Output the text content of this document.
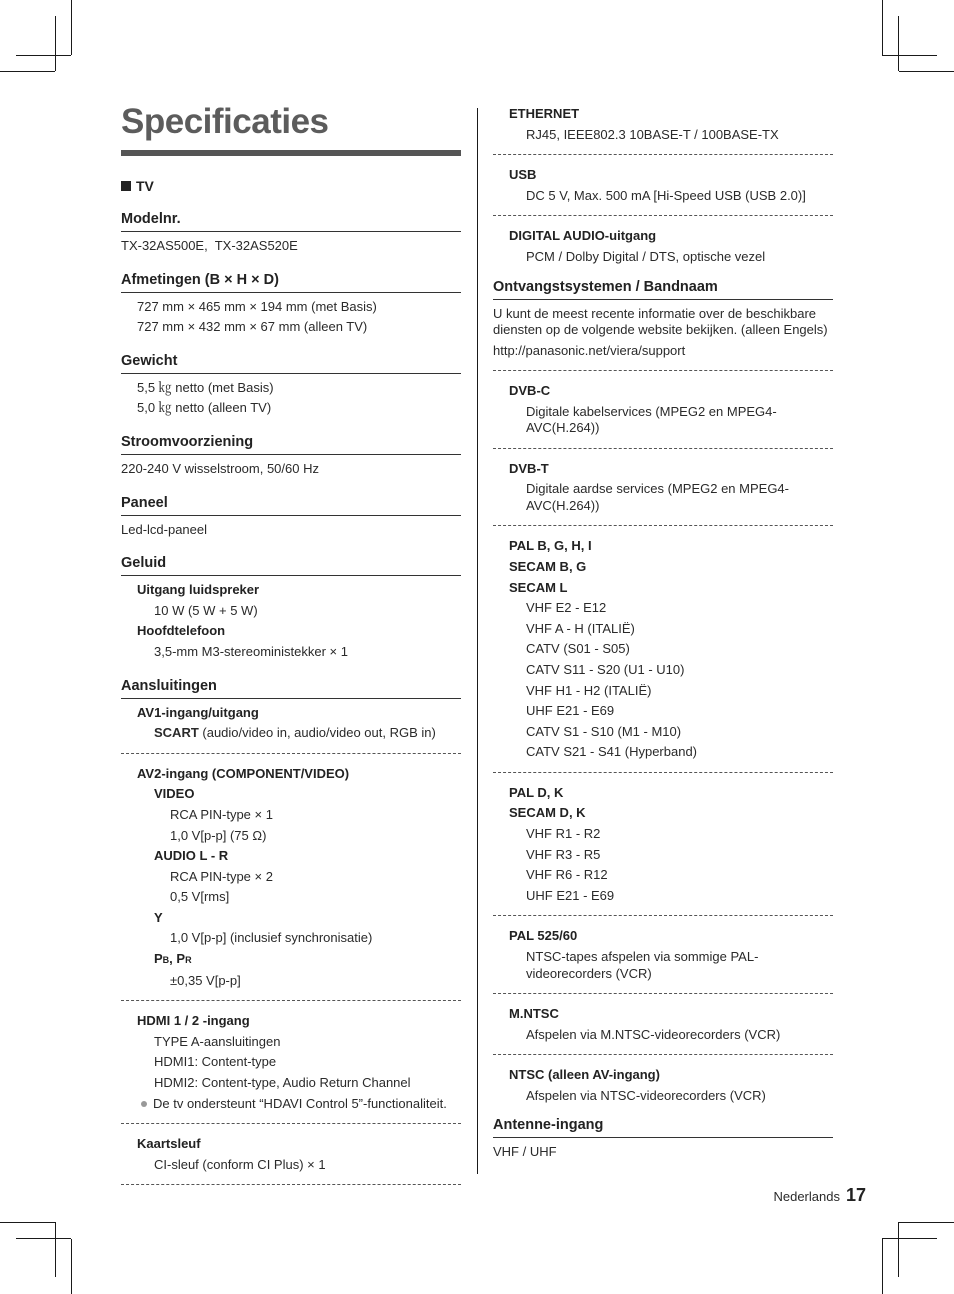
Specificaties
TV
Modelnr.
TX-32AS500E,  TX-32AS520E
Afmetingen (B × H × D)
727 mm × 465 mm × 194 mm (met Basis)
727 mm × 432 mm × 67 mm (alleen TV)
Gewicht
5,5 ㎏ netto (met Basis)
5,0 ㎏ netto (alleen TV)
Stroomvoorziening
220-240 V wisselstroom, 50/60 Hz
Paneel
Led-lcd-paneel
Geluid
Uitgang luidspreker
10 W (5 W + 5 W)
Hoofdtelefoon
3,5-mm M3-stereoministekker × 1
Aansluitingen
AV1-ingang/uitgang
SCART (audio/video in, audio/video out, RGB in)
AV2-ingang (COMPONENT/VIDEO)
VIDEO
RCA PIN-type × 1
1,0 V[p-p] (75 Ω)
AUDIO L - R
RCA PIN-type × 2
0,5 V[rms]
Y
1,0 V[p-p] (inclusief synchronisatie)
PB, PR
±0,35 V[p-p]
HDMI 1 / 2 -ingang
TYPE A-aansluitingen
HDMI1: Content-type
HDMI2: Content-type, Audio Return Channel
De tv ondersteunt “HDAVI Control 5”-functionaliteit.
Kaartsleuf
CI-sleuf (conform CI Plus) × 1
ETHERNET
RJ45, IEEE802.3 10BASE-T / 100BASE-TX
USB
DC 5 V, Max. 500 mA [Hi-Speed USB (USB 2.0)]
DIGITAL AUDIO-uitgang
PCM / Dolby Digital / DTS, optische vezel
Ontvangstsystemen / Bandnaam
U kunt de meest recente informatie over de beschikbare diensten op de volgende website bekijken. (alleen Engels)
http://panasonic.net/viera/support
DVB-C
Digitale kabelservices (MPEG2 en MPEG4-AVC(H.264))
DVB-T
Digitale aardse services (MPEG2 en MPEG4-AVC(H.264))
PAL B, G, H, I
SECAM B, G
SECAM L
VHF E2 - E12
VHF A - H (ITALIË)
CATV (S01 - S05)
CATV S11 - S20 (U1 - U10)
VHF H1 - H2 (ITALIË)
UHF E21 - E69
CATV S1 - S10 (M1 - M10)
CATV S21 - S41 (Hyperband)
PAL D, K
SECAM D, K
VHF R1 - R2
VHF R3 - R5
VHF R6 - R12
UHF E21 - E69
PAL 525/60
NTSC-tapes afspelen via sommige PAL-videorecorders (VCR)
M.NTSC
Afspelen via M.NTSC-videorecorders (VCR)
NTSC (alleen AV-ingang)
Afspelen via NTSC-videorecorders (VCR)
Antenne-ingang
VHF / UHF
Nederlands 17
